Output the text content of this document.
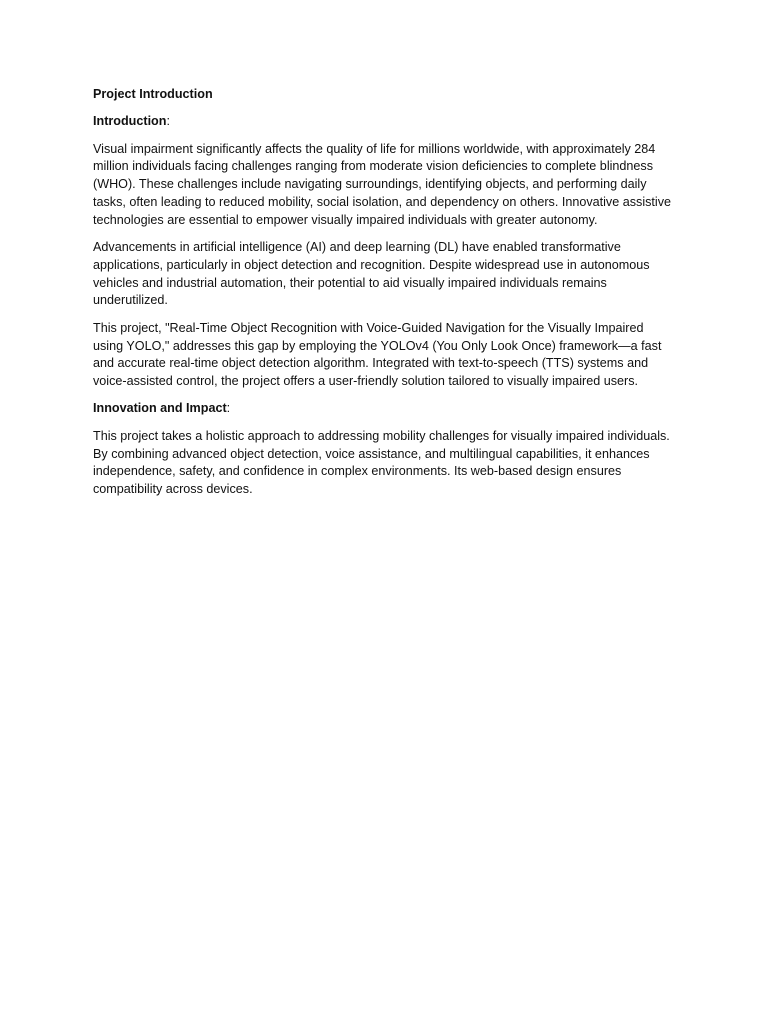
Project Introduction

Introduction:

Visual impairment significantly affects the quality of life for millions worldwide, with approximately 284 million individuals facing challenges ranging from moderate vision deficiencies to complete blindness (WHO). These challenges include navigating surroundings, identifying objects, and performing daily tasks, often leading to reduced mobility, social isolation, and dependency on others. Innovative assistive technologies are essential to empower visually impaired individuals with greater autonomy.

Advancements in artificial intelligence (AI) and deep learning (DL) have enabled transformative applications, particularly in object detection and recognition. Despite widespread use in autonomous vehicles and industrial automation, their potential to aid visually impaired individuals remains underutilized.

This project, "Real-Time Object Recognition with Voice-Guided Navigation for the Visually Impaired using YOLO," addresses this gap by employing the YOLOv4 (You Only Look Once) framework—a fast and accurate real-time object detection algorithm. Integrated with text-to-speech (TTS) systems and voice-assisted control, the project offers a user-friendly solution tailored to visually impaired users.

Innovation and Impact:

This project takes a holistic approach to addressing mobility challenges for visually impaired individuals. By combining advanced object detection, voice assistance, and multilingual capabilities, it enhances independence, safety, and confidence in complex environments. Its web-based design ensures compatibility across devices.
